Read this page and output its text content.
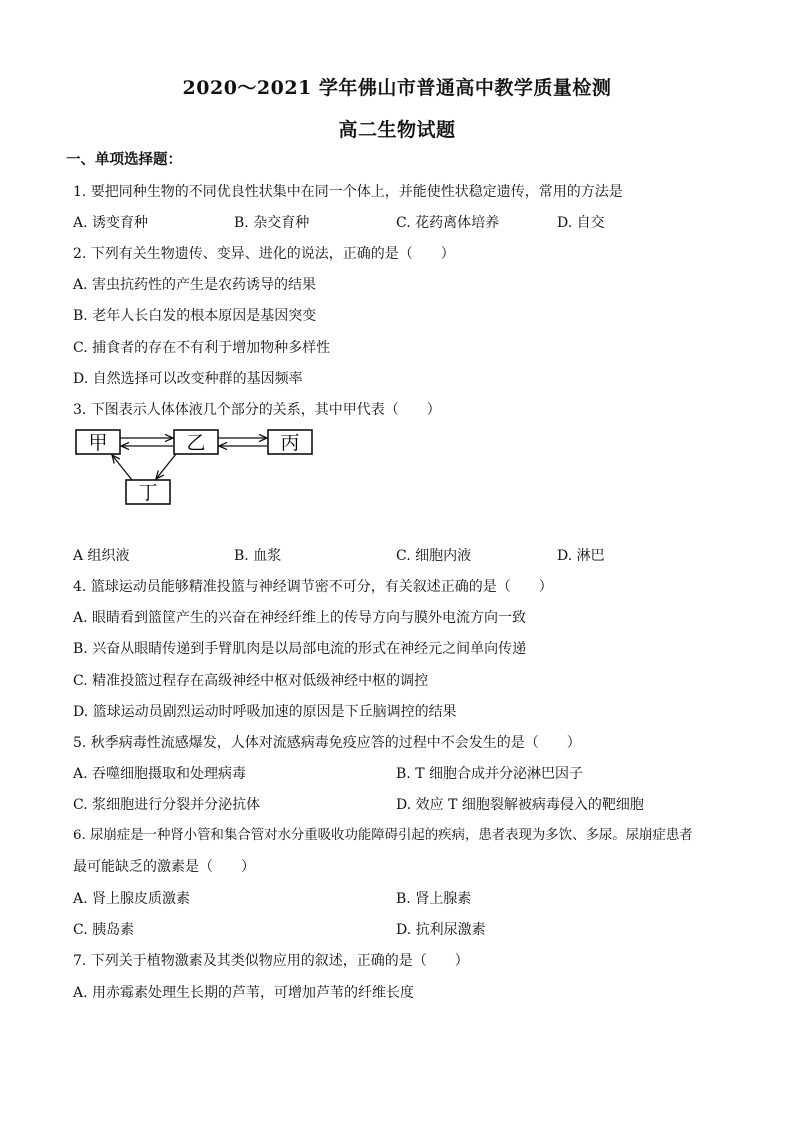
2020～2021 学年佛山市普通高中教学质量检测
高二生物试题
一、单项选择题：
1. 要把同种生物的不同优良性状集中在同一个体上，并能使性状稳定遗传，常用的方法是
A. 诱变育种	B. 杂交育种	C. 花药离体培养	D. 自交
2. 下列有关生物遗传、变异、进化的说法，正确的是（　　）
A. 害虫抗药性的产生是农药诱导的结果
B. 老年人长白发的根本原因是基因突变
C. 捕食者的存在不有利于增加物种多样性
D. 自然选择可以改变种群的基因频率
3. 下图表示人体体液几个部分的关系，其中甲代表（　　）
甲	乙	丙
丁
A 组织液	B. 血浆	C. 细胞内液	D. 淋巴
4. 篮球运动员能够精准投篮与神经调节密不可分，有关叙述正确的是（　　）
A. 眼睛看到篮筐产生的兴奋在神经纤维上的传导方向与膜外电流方向一致
B. 兴奋从眼睛传递到手臂肌肉是以局部电流的形式在神经元之间单向传递
C. 精准投篮过程存在高级神经中枢对低级神经中枢的调控
D. 篮球运动员剧烈运动时呼吸加速的原因是下丘脑调控的结果
5. 秋季病毒性流感爆发，人体对流感病毒免疫应答的过程中不会发生的是（　　）
A. 吞噬细胞摄取和处理病毒	B. T 细胞合成并分泌淋巴因子
C. 浆细胞进行分裂并分泌抗体	D. 效应 T 细胞裂解被病毒侵入的靶细胞
6. 尿崩症是一种肾小管和集合管对水分重吸收功能障碍引起的疾病，患者表现为多饮、多尿。尿崩症患者
最可能缺乏的激素是（　　）
A. 肾上腺皮质激素	B. 肾上腺素
C. 胰岛素	D. 抗利尿激素
7. 下列关于植物激素及其类似物应用的叙述，正确的是（　　）
A. 用赤霉素处理生长期的芦苇，可增加芦苇的纤维长度
